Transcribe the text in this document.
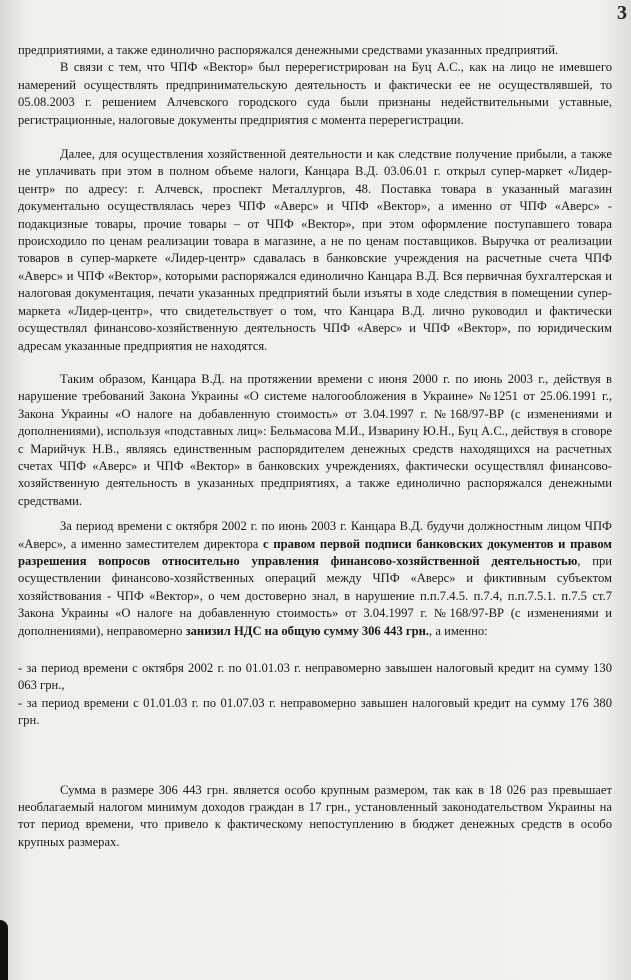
3

предприятиями, а также единолично распоряжался денежными средствами указанных предприятий.

В связи с тем, что ЧПФ «Вектор» был перерегистрирован на Буц А.С., как на лицо не имевшего намерений осуществлять предпринимательскую деятельность и фактически ее не осуществлявшей, то 05.08.2003 г. решением Алчевского городского суда были признаны недействительными уставные, регистрационные, налоговые документы предприятия с момента перерегистрации.

Далее, для осуществления хозяйственной деятельности и как следствие получение прибыли, а также не уплачивать при этом в полном объеме налоги, Канцара В.Д. 03.06.01 г. открыл супер-маркет «Лидер-центр» по адресу: г. Алчевск, проспект Металлургов, 48. Поставка товара в указанный магазин документально осуществлялась через ЧПФ «Аверс» и ЧПФ «Вектор», а именно от ЧПФ «Аверс» - подакцизные товары, прочие товары – от ЧПФ «Вектор», при этом оформление поступавшего товара происходило по ценам реализации товара в магазине, а не по ценам поставщиков. Выручка от реализации товаров в супер-маркете «Лидер-центр» сдавалась в банковские учреждения на расчетные счета ЧПФ «Аверс» и ЧПФ «Вектор», которыми распоряжался единолично Канцара В.Д. Вся первичная бухгалтерская и налоговая документация, печати указанных предприятий были изъяты в ходе следствия в помещении супер-маркета «Лидер-центр», что свидетельствует о том, что Канцара В.Д. лично руководил и фактически осуществлял финансово-хозяйственную деятельность ЧПФ «Аверс» и ЧПФ «Вектор», по юридическим адресам указанные предприятия не находятся.

Таким образом, Канцара В.Д. на протяжении времени с июня 2000 г. по июнь 2003 г., действуя в нарушение требований Закона Украины «О системе налогообложения в Украине» №1251 от 25.06.1991 г., Закона Украины «О налоге на добавленную стоимость» от 3.04.1997 г. №168/97-ВР (с изменениями и дополнениями), используя «подставных лиц»: Бельмасова М.И., Изварину Ю.Н., Буц А.С., действуя в сговоре с Марийчук Н.В., являясь единственным распорядителем денежных средств находящихся на расчетных счетах ЧПФ «Аверс» и ЧПФ «Вектор» в банковских учреждениях, фактически осуществлял финансово-хозяйственную деятельность в указанных предприятиях, а также единолично распоряжался денежными средствами.

За период времени с октября 2002 г. по июнь 2003 г. Канцара В.Д. будучи должностным лицом ЧПФ «Аверс», а именно заместителем директора с правом первой подписи банковских документов и правом разрешения вопросов относительно управления финансово-хозяйственной деятельностью, при осуществлении финансово-хозяйственных операций между ЧПФ «Аверс» и фиктивным субъектом хозяйствования - ЧПФ «Вектор», о чем достоверно знал, в нарушение п.п.7.4.5. п.7.4, п.п.7.5.1. п.7.5 ст.7 Закона Украины «О налоге на добавленную стоимость» от 3.04.1997 г. №168/97-ВР (с изменениями и дополнениями), неправомерно занизил НДС на общую сумму 306 443 грн., а именно:

- за период времени с октября 2002 г. по 01.01.03 г. неправомерно завышен налоговый кредит на сумму 130 063 грн.,

- за период времени с 01.01.03 г. по 01.07.03 г. неправомерно завышен налоговый кредит на сумму 176 380 грн.

Сумма в размере 306 443 грн. является особо крупным размером, так как в 18 026 раз превышает необлагаемый налогом минимум доходов граждан в 17 грн., установленный законодательством Украины на тот период времени, что привело к фактическому непоступлению в бюджет денежных средств в особо крупных размерах.
